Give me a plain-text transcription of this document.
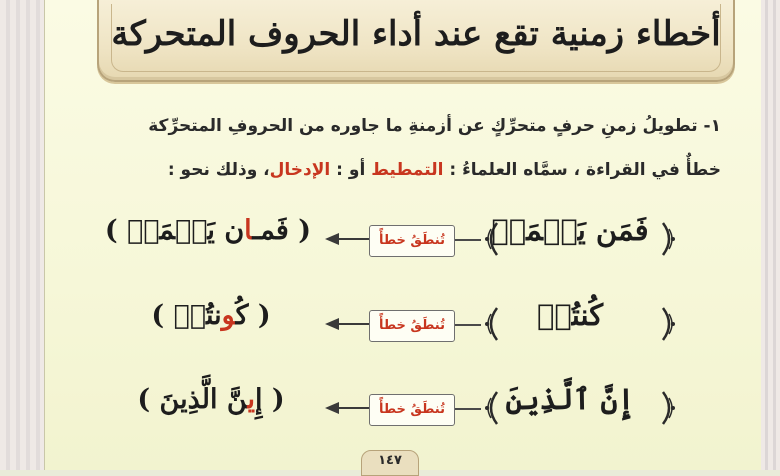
أخطاء زمنية تقع عند أداء الحروف المتحركة
١- تطويلُ زمنِ حرفٍ متحرِّكٍ عن أزمنةِ ما جاوره من الحروفِ المتحرِّكة
خطأٌ في القراءة ، سمَّاه العلماءُ : التمطيط أو : الإدخال، وذلك نحو :
( فَمـان يَعۡمَلۡ )	تُنطَقُ خطأً	فَمَن يَعۡمَلۡ
( كُونتُمۡ )	تُنطَقُ خطأً	كُنتُمۡ
( إِينَّ الَّذِينَ )	تُنطَقُ خطأً	إِنَّ ٱلَّذِينَ
١٤٧
